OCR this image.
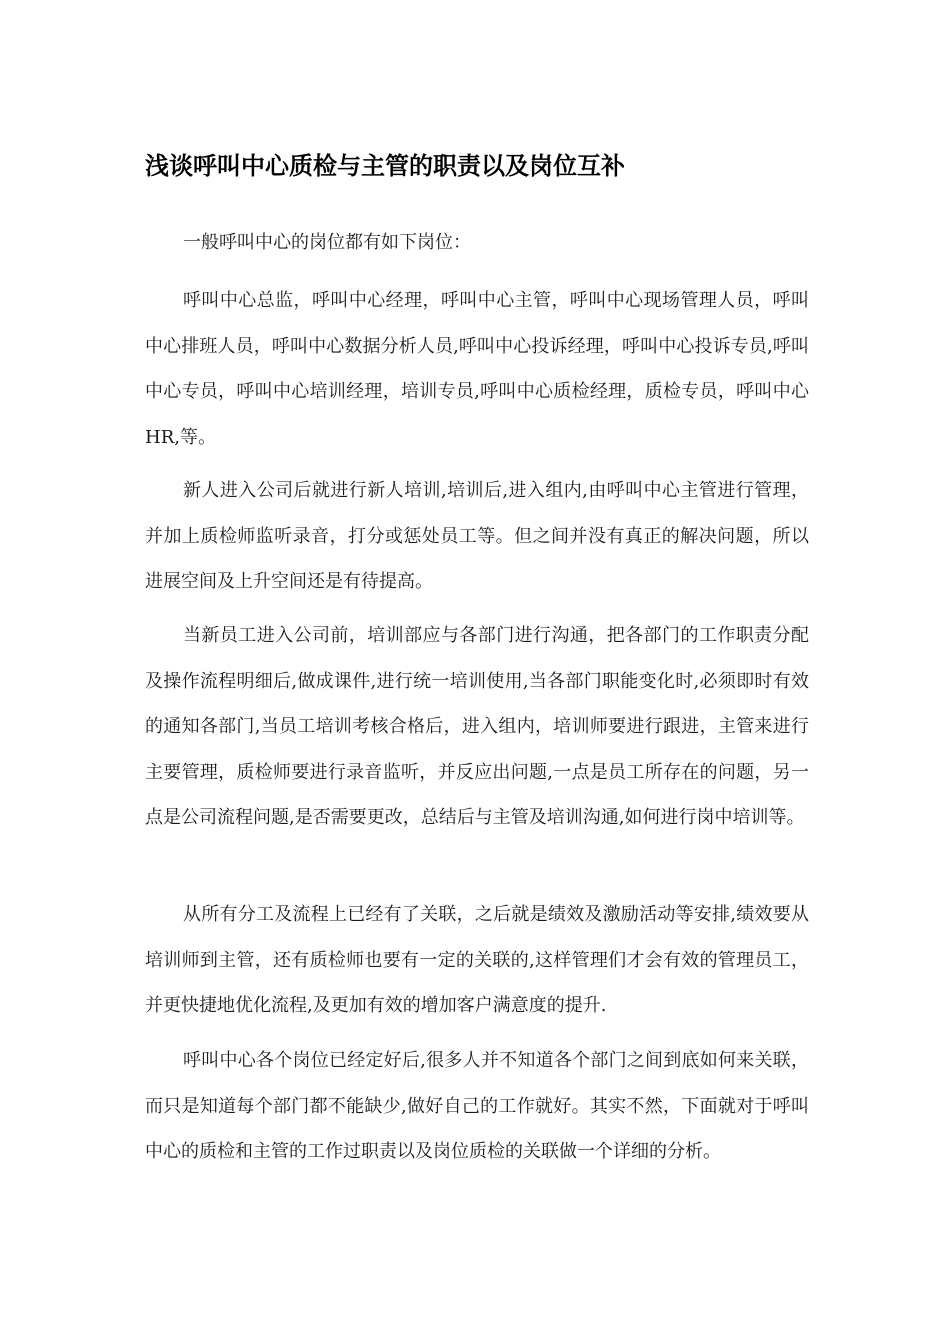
浅谈呼叫中心质检与主管的职责以及岗位互补

一般呼叫中心的岗位都有如下岗位：

呼叫中心总监，呼叫中心经理，呼叫中心主管，呼叫中心现场管理人员，呼叫中心排班人员，呼叫中心数据分析人员,呼叫中心投诉经理，呼叫中心投诉专员,呼叫中心专员，呼叫中心培训经理，培训专员,呼叫中心质检经理，质检专员，呼叫中心HR,等。

新人进入公司后就进行新人培训,培训后,进入组内,由呼叫中心主管进行管理，并加上质检师监听录音，打分或惩处员工等。但之间并没有真正的解决问题，所以进展空间及上升空间还是有待提高。

当新员工进入公司前，培训部应与各部门进行沟通，把各部门的工作职责分配及操作流程明细后,做成课件,进行统一培训使用,当各部门职能变化时,必须即时有效的通知各部门,当员工培训考核合格后，进入组内，培训师要进行跟进，主管来进行主要管理，质检师要进行录音监听，并反应出问题,一点是员工所存在的问题，另一点是公司流程问题,是否需要更改，总结后与主管及培训沟通,如何进行岗中培训等。

从所有分工及流程上已经有了关联，之后就是绩效及激励活动等安排,绩效要从培训师到主管，还有质检师也要有一定的关联的,这样管理们才会有效的管理员工，并更快捷地优化流程,及更加有效的增加客户满意度的提升.

呼叫中心各个岗位已经定好后,很多人并不知道各个部门之间到底如何来关联，而只是知道每个部门都不能缺少,做好自己的工作就好。其实不然，下面就对于呼叫中心的质检和主管的工作过职责以及岗位质检的关联做一个详细的分析。
